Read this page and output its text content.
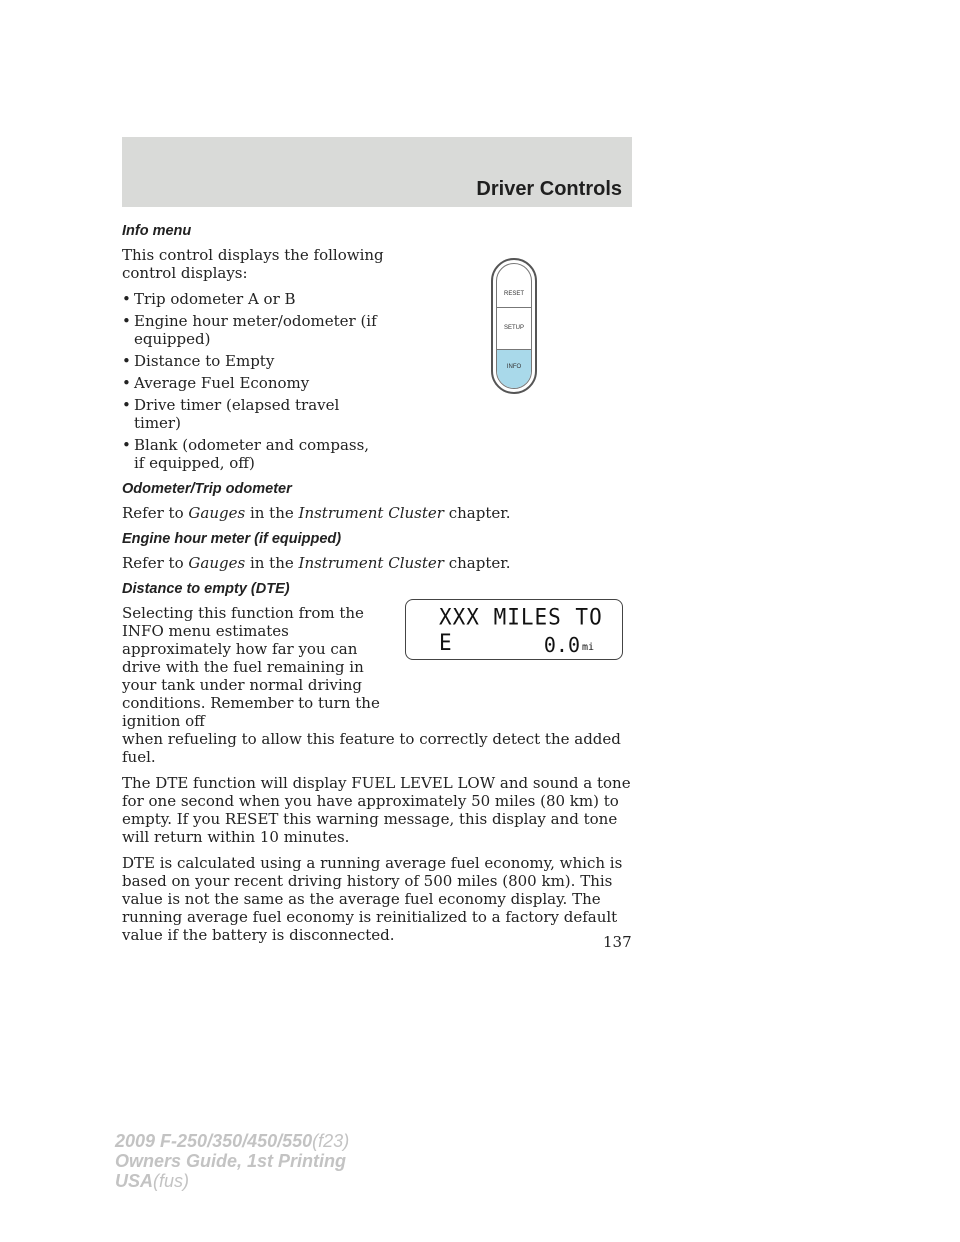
Driver Controls
RESET
SETUP
INFO
Info menu

This control displays the following control displays:

• Trip odometer A or B
• Engine hour meter/odometer (if equipped)
• Distance to Empty
• Average Fuel Economy
• Drive timer (elapsed travel timer)
• Blank (odometer and compass, if equipped, off)
Odometer/Trip odometer

Refer to Gauges in the Instrument Cluster chapter.

Engine hour meter (if equipped)

Refer to Gauges in the Instrument Cluster chapter.

Distance to empty (DTE)

Selecting this function from the INFO menu estimates approximately how far you can drive with the fuel remaining in your tank under normal driving conditions. Remember to turn the ignition off

when refueling to allow this feature to correctly detect the added fuel.

The DTE function will display FUEL LEVEL LOW and sound a tone for one second when you have approximately 50 miles (80 km) to empty. If you RESET this warning message, this display and tone will return within 10 minutes.

DTE is calculated using a running average fuel economy, which is based on your recent driving history of 500 miles (800 km). This value is not the same as the average fuel economy display. The running average fuel economy is reinitialized to a factory default value if the battery is disconnected.

XXX MILES TO E	0.0 mi
137
2009 F-250/350/450/550(f23)
Owners Guide, 1st Printing
USA(fus)
